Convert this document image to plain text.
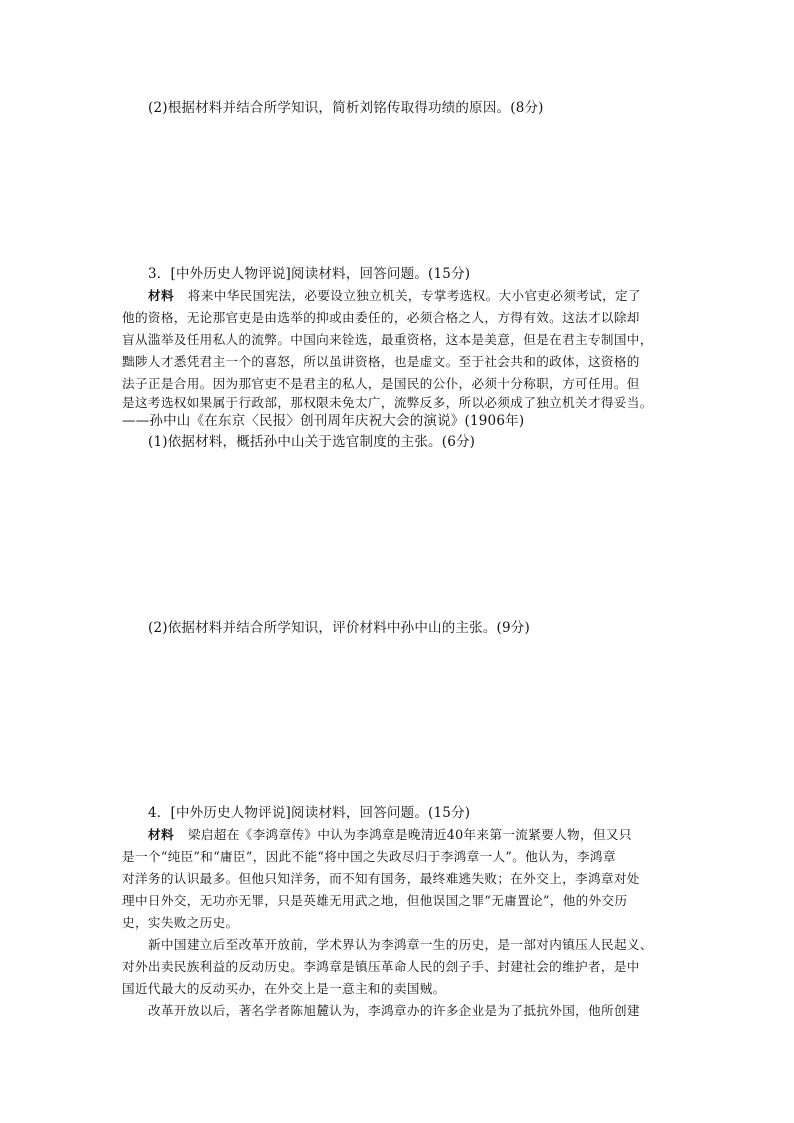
(2)根据材料并结合所学知识，简析刘铭传取得功绩的原因。(8分)
3．[中外历史人物评说]阅读材料，回答问题。(15分)
材料 将来中华民国宪法，必要设立独立机关，专掌考选权。大小官吏必须考试，定了
他的资格，无论那官吏是由选举的抑或由委任的，必须合格之人，方得有效。这法才以除却
盲从滥举及任用私人的流弊。中国向来铨选，最重资格，这本是美意，但是在君主专制国中，
黜陟人才悉凭君主一个的喜怒，所以虽讲资格，也是虚文。至于社会共和的政体，这资格的
法子正是合用。因为那官吏不是君主的私人，是国民的公仆，必须十分称职，方可任用。但
是这考选权如果属于行政部，那权限未免太广，流弊反多，所以必须成了独立机关才得妥当。
——孙中山《在东京〈民报〉创刊周年庆祝大会的演说》(1906年)
(1)依据材料，概括孙中山关于选官制度的主张。(6分)
(2)依据材料并结合所学知识，评价材料中孙中山的主张。(9分)
4．[中外历史人物评说]阅读材料，回答问题。(15分)
材料 梁启超在《李鸿章传》中认为李鸿章是晚清近40年来第一流紧要人物，但又只
是一个“纯臣”和“庸臣”，因此不能“将中国之失政尽归于李鸿章一人”。他认为，李鸿章
对洋务的认识最多。但他只知洋务，而不知有国务，最终难逃失败；在外交上，李鸿章对处
理中日外交，无功亦无罪，只是英雄无用武之地，但他误国之罪“无庸置论”，他的外交历
史，实失败之历史。
新中国建立后至改革开放前，学术界认为李鸿章一生的历史，是一部对内镇压人民起义、
对外出卖民族利益的反动历史。李鸿章是镇压革命人民的刽子手、封建社会的维护者，是中
国近代最大的反动买办，在外交上是一意主和的卖国贼。
改革开放以后，著名学者陈旭麓认为，李鸿章办的许多企业是为了抵抗外国，他所创建
